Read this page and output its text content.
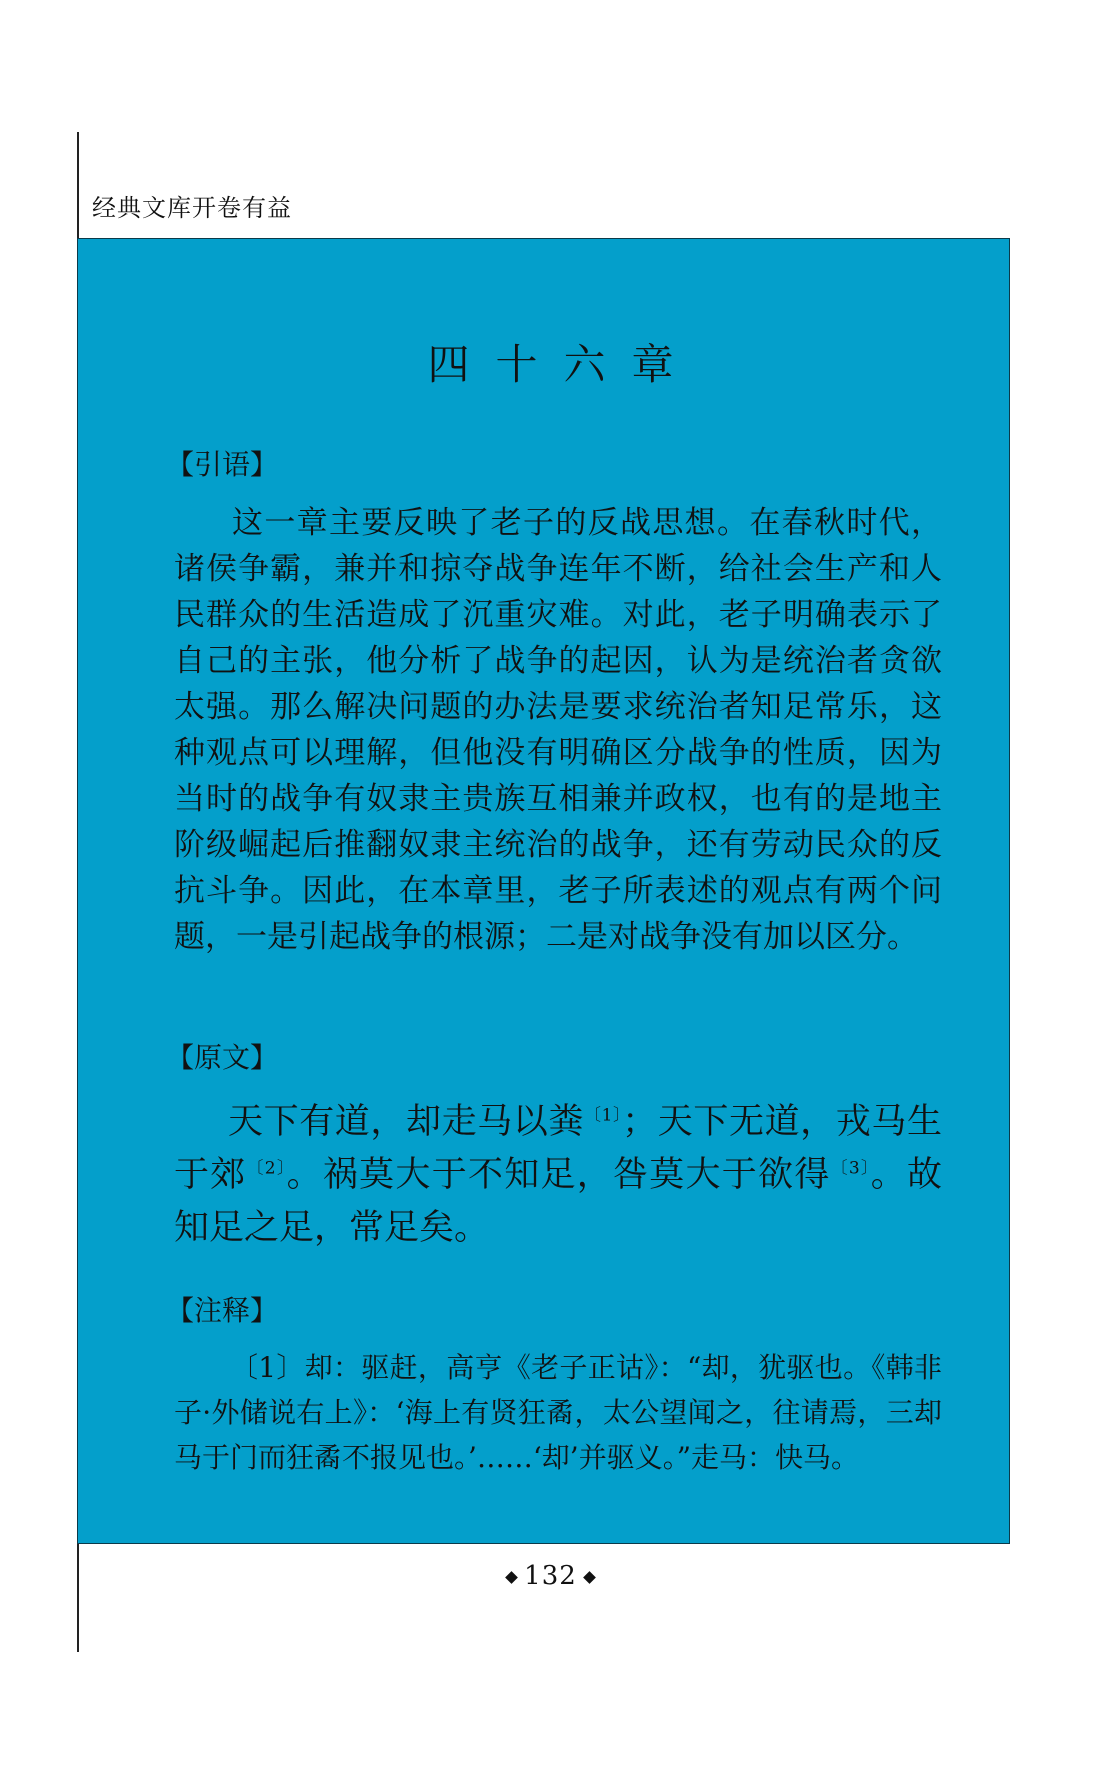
经典文库开卷有益
四十六章
【引语】

这一章主要反映了老子的反战思想。在春秋时代，诸侯争霸，兼并和掠夺战争连年不断，给社会生产和人民群众的生活造成了沉重灾难。对此，老子明确表示了自己的主张，他分析了战争的起因，认为是统治者贪欲太强。那么解决问题的办法是要求统治者知足常乐，这种观点可以理解，但他没有明确区分战争的性质，因为当时的战争有奴隶主贵族互相兼并政权，也有的是地主阶级崛起后推翻奴隶主统治的战争，还有劳动民众的反抗斗争。因此，在本章里，老子所表述的观点有两个问题，一是引起战争的根源；二是对战争没有加以区分。

【原文】

天下有道，却走马以粪$^{〔1〕}$；天下无道，戎马生于郊$^{〔2〕}$。祸莫大于不知足，咎莫大于欲得$^{〔3〕}$。故知足之足，常足矣。

【注释】

〔1〕却：驱赶，高亨《老子正诂》：“却，犹驱也。《韩非子·外储说右上》：‘海上有贤狂矞，太公望闻之，往请焉，三却马于门而狂矞不报见也。’……‘却’并驱义。”走马：快马。

132
